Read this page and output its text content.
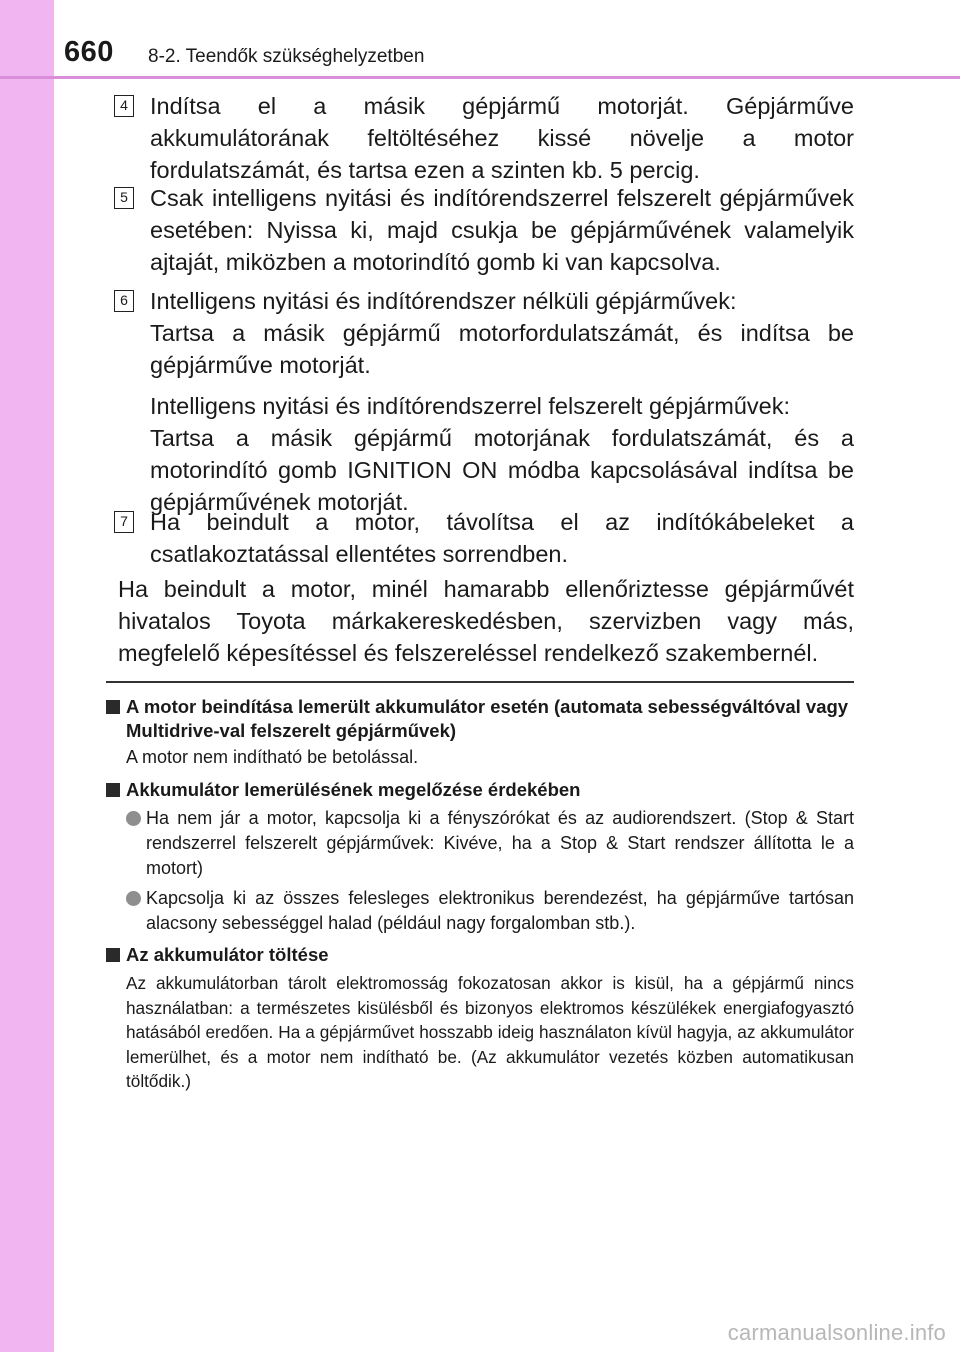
660 8-2. Teendők szükséghelyzetben
4 Indítsa el a másik gépjármű motorját. Gépjárműve akkumulátorának feltöltéséhez kissé növelje a motor fordulatszámát, és tartsa ezen a szinten kb. 5 percig.

5 Csak intelligens nyitási és indítórendszerrel felszerelt gépjárművek esetében: Nyissa ki, majd csukja be gépjárművének valamelyik ajtaját, miközben a motorindító gomb ki van kapcsolva.

6 Intelligens nyitási és indítórendszer nélküli gépjárművek:

Tartsa a másik gépjármű motorfordulatszámát, és indítsa be gépjárműve motorját.

Intelligens nyitási és indítórendszerrel felszerelt gépjárművek:

Tartsa a másik gépjármű motorjának fordulatszámát, és a motorindító gomb IGNITION ON módba kapcsolásával indítsa be gépjárművének motorját.

7 Ha beindult a motor, távolítsa el az indítókábeleket a csatlakoztatással ellentétes sorrendben.

Ha beindult a motor, minél hamarabb ellenőriztesse gépjárművét hivatalos Toyota márkakereskedésben, szervizben vagy más, megfelelő képesítéssel és felszereléssel rendelkező szakembernél.
A motor beindítása lemerült akkumulátor esetén (automata sebességváltóval vagy Multidrive-val felszerelt gépjárművek)
A motor nem indítható be betolással.
Akkumulátor lemerülésének megelőzése érdekében
Ha nem jár a motor, kapcsolja ki a fényszórókat és az audiorendszert. (Stop & Start rendszerrel felszerelt gépjárművek: Kivéve, ha a Stop & Start rendszer állította le a motort)
Kapcsolja ki az összes felesleges elektronikus berendezést, ha gépjárműve tartósan alacsony sebességgel halad (például nagy forgalomban stb.).
Az akkumulátor töltése
Az akkumulátorban tárolt elektromosság fokozatosan akkor is kisül, ha a gépjármű nincs használatban: a természetes kisülésből és bizonyos elektromos készülékek energiafogyasztó hatásából eredően. Ha a gépjárművet hosszabb ideig használaton kívül hagyja, az akkumulátor lemerülhet, és a motor nem indítható be. (Az akkumulátor vezetés közben automatikusan töltődik.)
carmanualsonline.info
